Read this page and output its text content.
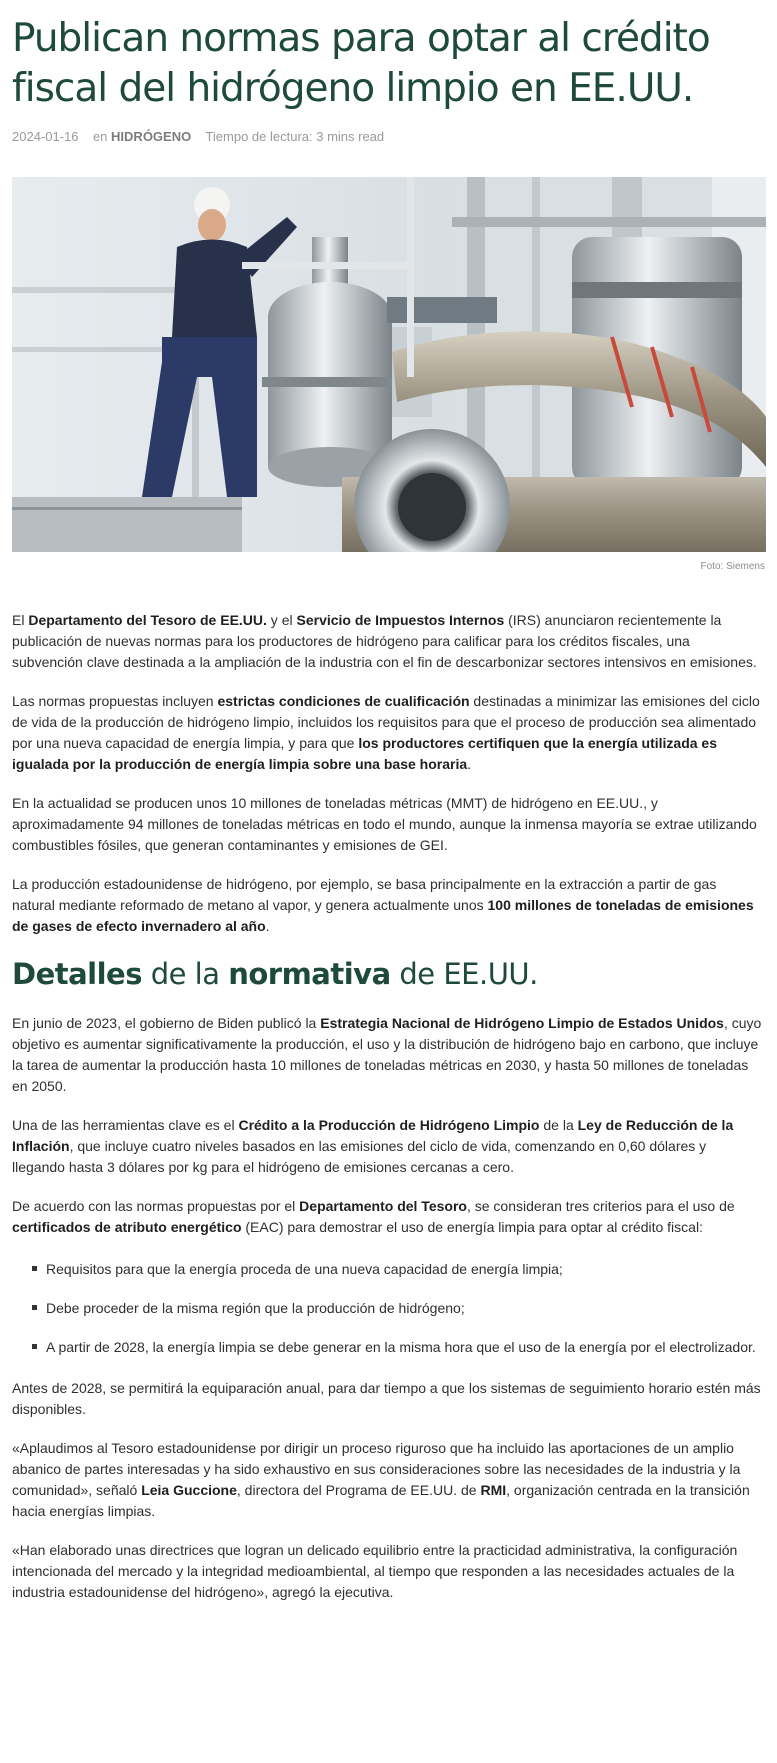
Publican normas para optar al crédito fiscal del hidrógeno limpio en EE.UU.
2024-01-16 en HIDRÓGENO Tiempo de lectura: 3 mins read
Foto: Siemens

El Departamento del Tesoro de EE.UU. y el Servicio de Impuestos Internos (IRS) anunciaron recientemente la publicación de nuevas normas para los productores de hidrógeno para calificar para los créditos fiscales, una subvención clave destinada a la ampliación de la industria con el fin de descarbonizar sectores intensivos en emisiones.

Las normas propuestas incluyen estrictas condiciones de cualificación destinadas a minimizar las emisiones del ciclo de vida de la producción de hidrógeno limpio, incluidos los requisitos para que el proceso de producción sea alimentado por una nueva capacidad de energía limpia, y para que los productores certifiquen que la energía utilizada es igualada por la producción de energía limpia sobre una base horaria.

En la actualidad se producen unos 10 millones de toneladas métricas (MMT) de hidrógeno en EE.UU., y aproximadamente 94 millones de toneladas métricas en todo el mundo, aunque la inmensa mayoría se extrae utilizando combustibles fósiles, que generan contaminantes y emisiones de GEI.

La producción estadounidense de hidrógeno, por ejemplo, se basa principalmente en la extracción a partir de gas natural mediante reformado de metano al vapor, y genera actualmente unos 100 millones de toneladas de emisiones de gases de efecto invernadero al año.

Detalles de la normativa de EE.UU.

En junio de 2023, el gobierno de Biden publicó la Estrategia Nacional de Hidrógeno Limpio de Estados Unidos, cuyo objetivo es aumentar significativamente la producción, el uso y la distribución de hidrógeno bajo en carbono, que incluye la tarea de aumentar la producción hasta 10 millones de toneladas métricas en 2030, y hasta 50 millones de toneladas en 2050.

Una de las herramientas clave es el Crédito a la Producción de Hidrógeno Limpio de la Ley de Reducción de la Inflación, que incluye cuatro niveles basados en las emisiones del ciclo de vida, comenzando en 0,60 dólares y llegando hasta 3 dólares por kg para el hidrógeno de emisiones cercanas a cero.

De acuerdo con las normas propuestas por el Departamento del Tesoro, se consideran tres criterios para el uso de certificados de atributo energético (EAC) para demostrar el uso de energía limpia para optar al crédito fiscal:

Requisitos para que la energía proceda de una nueva capacidad de energía limpia;
Debe proceder de la misma región que la producción de hidrógeno;
A partir de 2028, la energía limpia se debe generar en la misma hora que el uso de la energía por el electrolizador.

Antes de 2028, se permitirá la equiparación anual, para dar tiempo a que los sistemas de seguimiento horario estén más disponibles.

«Aplaudimos al Tesoro estadounidense por dirigir un proceso riguroso que ha incluido las aportaciones de un amplio abanico de partes interesadas y ha sido exhaustivo en sus consideraciones sobre las necesidades de la industria y la comunidad», señaló Leia Guccione, directora del Programa de EE.UU. de RMI, organización centrada en la transición hacia energías limpias.

«Han elaborado unas directrices que logran un delicado equilibrio entre la practicidad administrativa, la configuración intencionada del mercado y la integridad medioambiental, al tiempo que responden a las necesidades actuales de la industria estadounidense del hidrógeno», agregó la ejecutiva.
